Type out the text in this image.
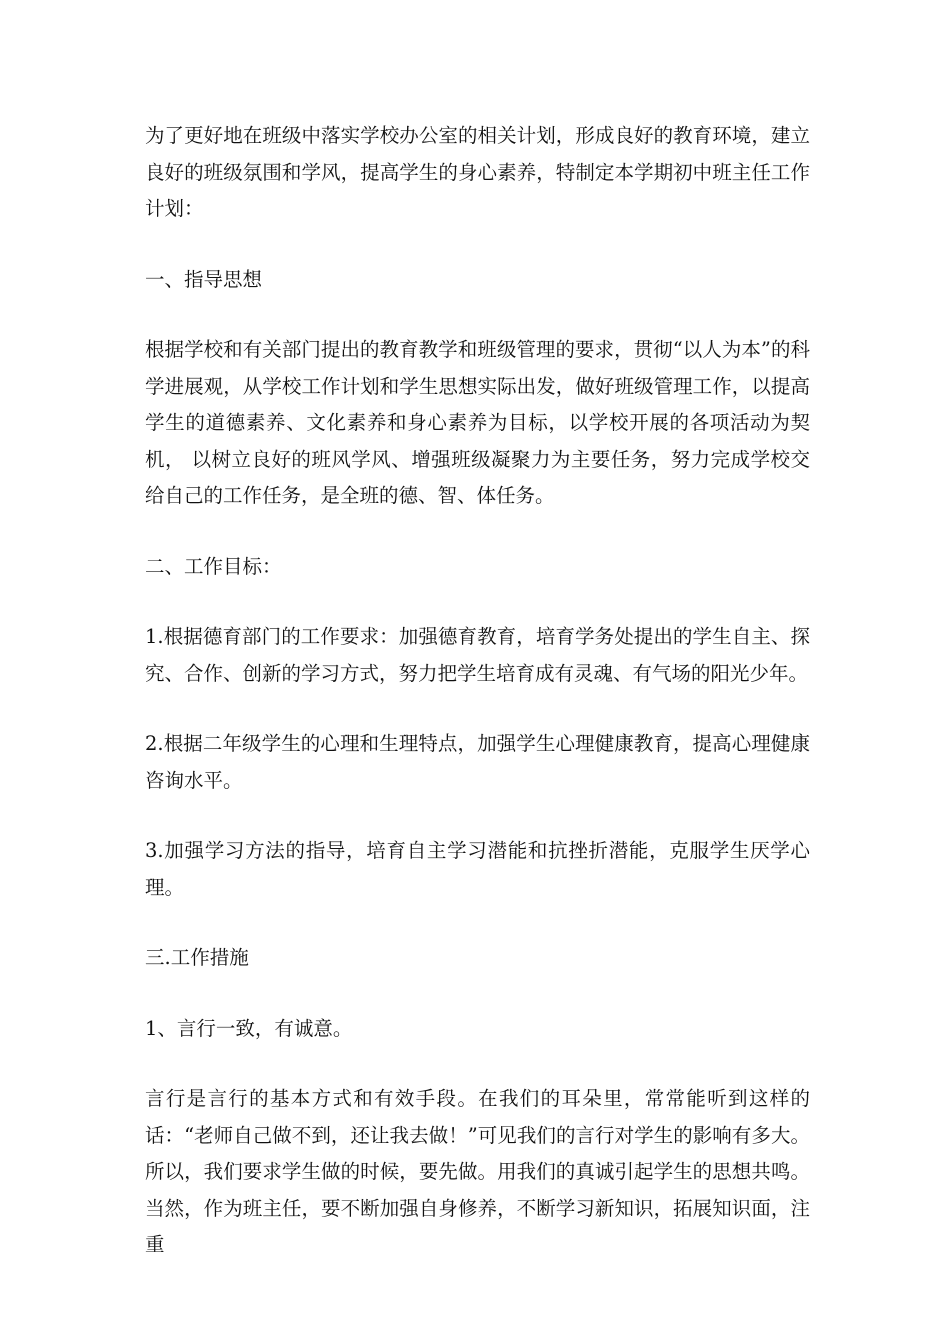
为了更好地在班级中落实学校办公室的相关计划，形成良好的教育环境，建立良好的班级氛围和学风，提高学生的身心素养，特制定本学期初中班主任工作计划：

一、指导思想

根据学校和有关部门提出的教育教学和班级管理的要求，贯彻“以人为本”的科学进展观，从学校工作计划和学生思想实际出发，做好班级管理工作，以提高学生的道德素养、文化素养和身心素养为目标，以学校开展的各项活动为契机， 以树立良好的班风学风、增强班级凝聚力为主要任务，努力完成学校交给自己的工作任务，是全班的德、智、体任务。

二、工作目标：

1.根据德育部门的工作要求：加强德育教育，培育学务处提出的学生自主、探究、合作、创新的学习方式，努力把学生培育成有灵魂、有气场的阳光少年。

2.根据二年级学生的心理和生理特点，加强学生心理健康教育，提高心理健康咨询水平。

3.加强学习方法的指导，培育自主学习潜能和抗挫折潜能，克服学生厌学心理。

三.工作措施

1、言行一致，有诚意。

言行是言行的基本方式和有效手段。在我们的耳朵里，常常能听到这样的话：“老师自己做不到，还让我去做！”可见我们的言行对学生的影响有多大。所以，我们要求学生做的时候，要先做。用我们的真诚引起学生的思想共鸣。当然，作为班主任，要不断加强自身修养，不断学习新知识，拓展知识面，注重
